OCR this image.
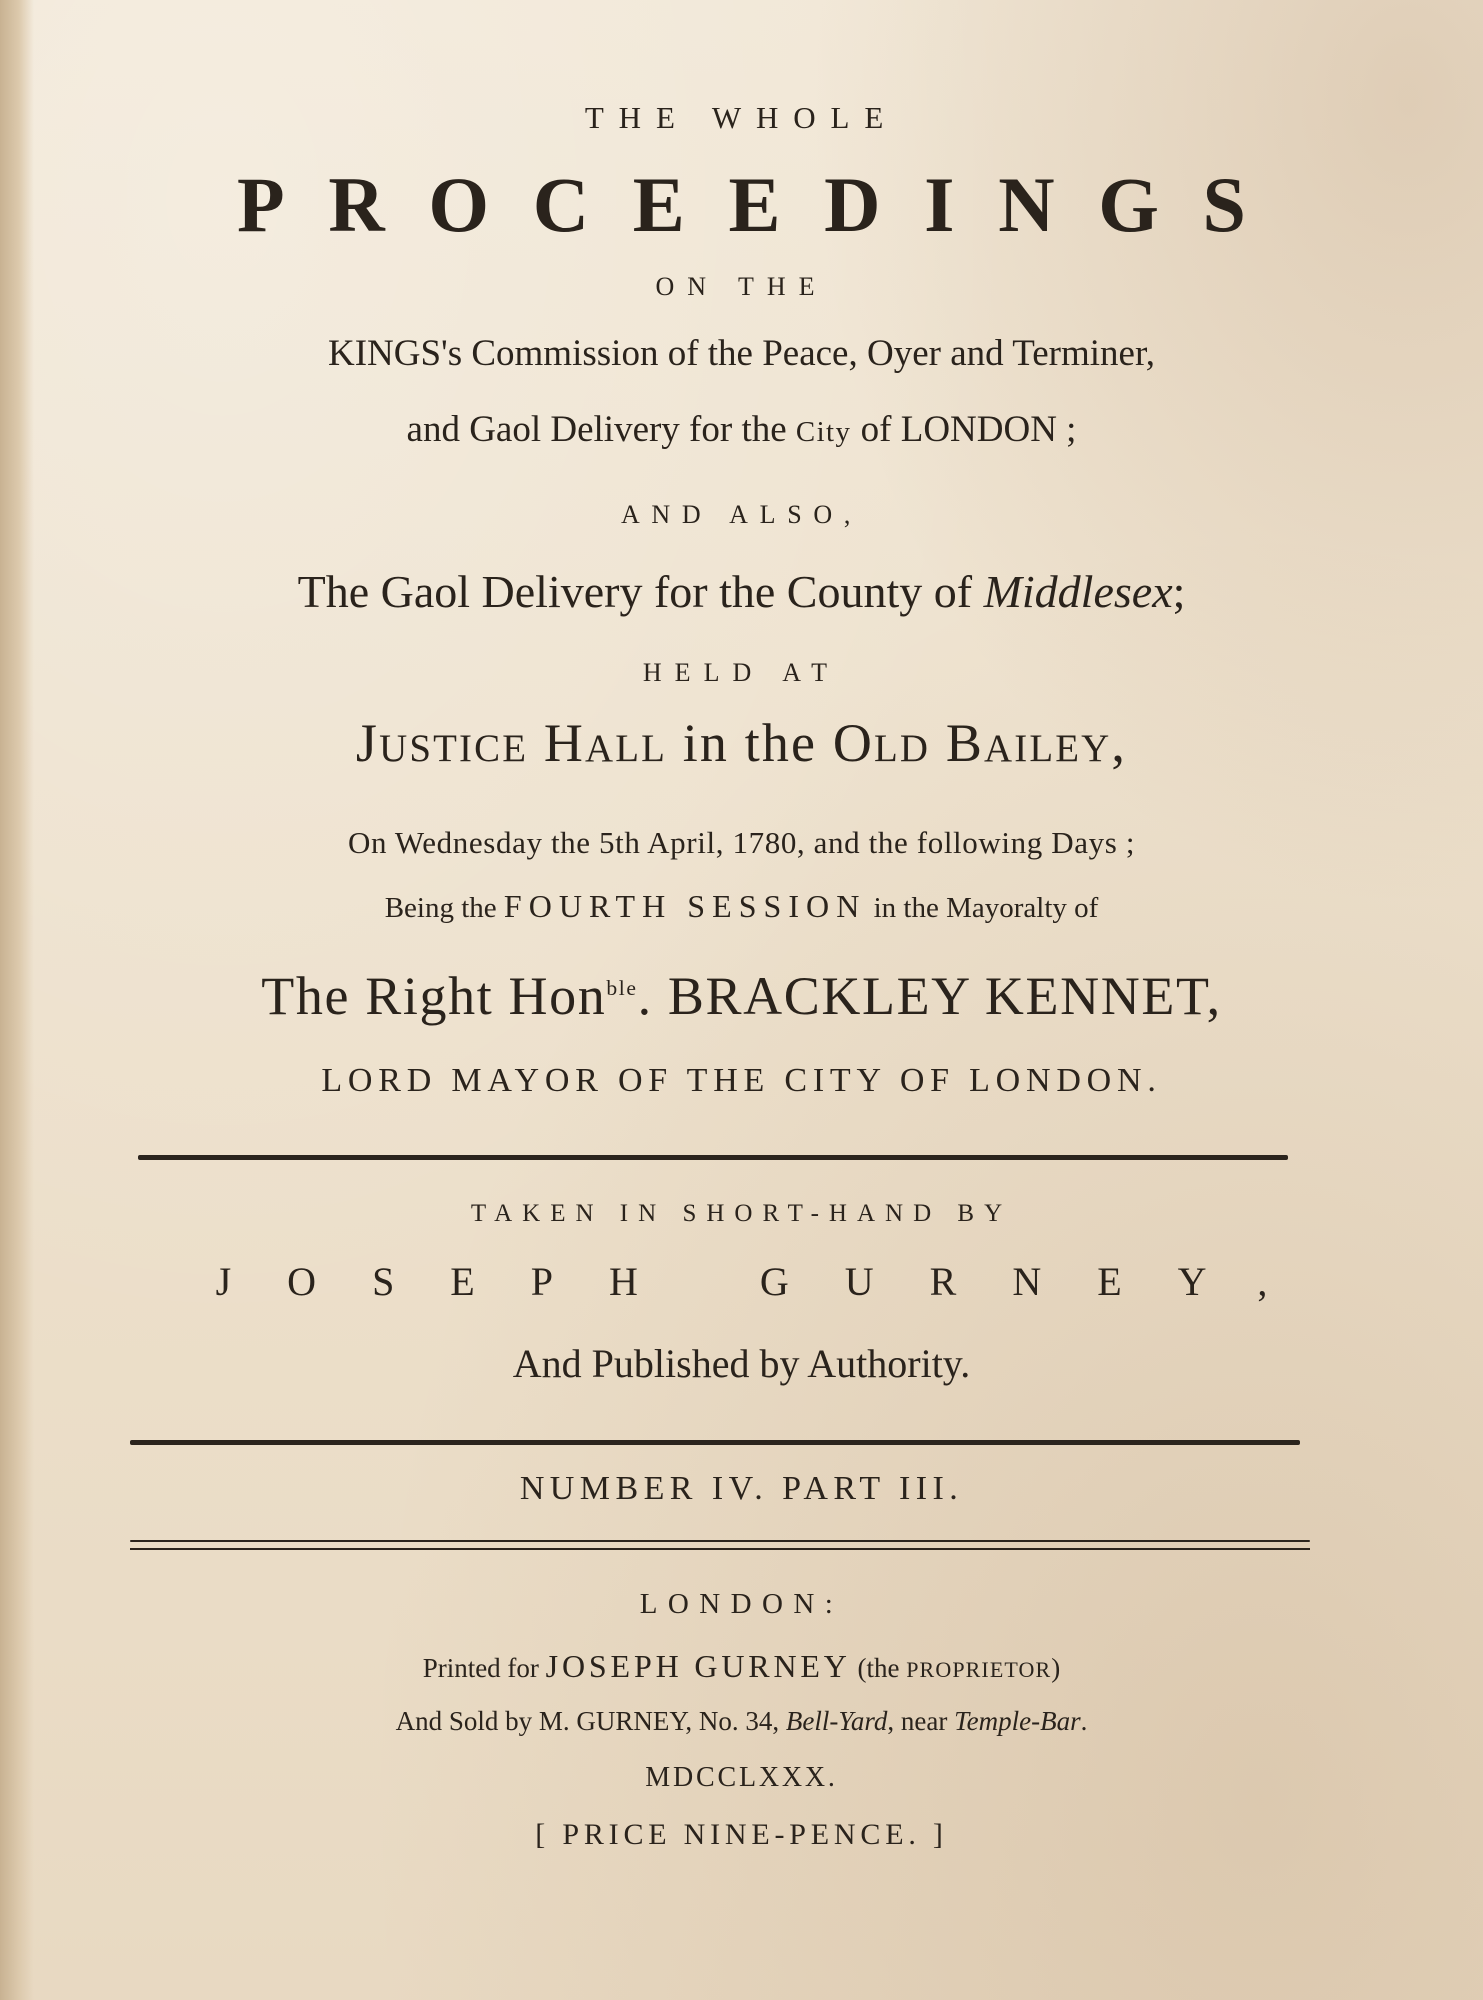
THE WHOLE
PROCEEDINGS
ON THE
KINGS's Commission of the Peace, Oyer and Terminer,
and Gaol Delivery for the City of LONDON ;
AND ALSO,
The Gaol Delivery for the County of Middlesex;
HELD AT
JUSTICE HALL in the OLD BAILEY,
On Wednesday the 5th April, 1780, and the following Days ;
Being the FOURTH SESSION in the Mayoralty of
The Right Hon$^{ble}$. BRACKLEY KENNET,
LORD MAYOR OF THE CITY OF LONDON.
TAKEN IN SHORT-HAND BY
JOSEPH GURNEY,
And Published by Authority.
NUMBER IV. PART III.
LONDON:
Printed for JOSEPH GURNEY (the PROPRIETOR)
And Sold by M. GURNEY, No. 34, Bell-Yard, near Temple-Bar.
MDCCLXXX.
[ PRICE NINE-PENCE. ]
